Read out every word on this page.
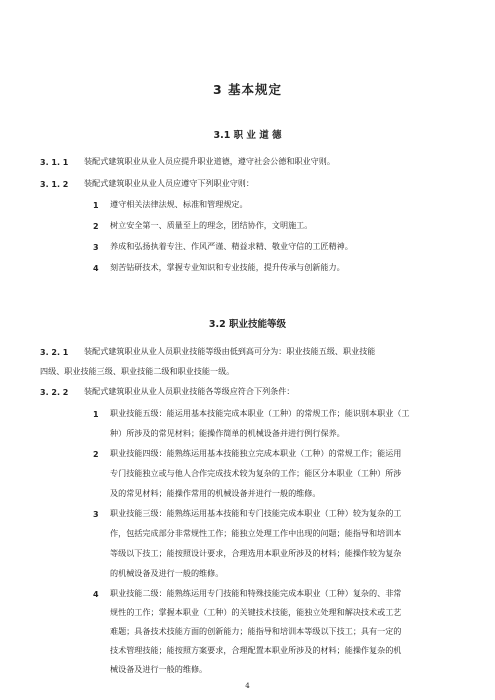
3 基本规定
3.1 职 业 道 德
3. 1. 1 装配式建筑职业从业人员应提升职业道德，遵守社会公德和职业守则。
3. 1. 2 装配式建筑职业从业人员应遵守下列职业守则：
1 遵守相关法律法规、标准和管理规定。
2 树立安全第一、质量至上的理念，团结协作，文明施工。
3 养成和弘扬执着专注、作风严谨、精益求精、敬业守信的工匠精神。
4 刻苦钻研技术，掌握专业知识和专业技能，提升传承与创新能力。
3.2 职业技能等级
3. 2. 1 装配式建筑职业从业人员职业技能等级由低到高可分为：职业技能五级、职业技能
四级、职业技能三级、职业技能二级和职业技能一级。
3. 2. 2 装配式建筑职业从业人员职业技能各等级应符合下列条件：
1 职业技能五级：能运用基本技能完成本职业（工种）的常规工作；能识别本职业（工
种）所涉及的常见材料；能操作简单的机械设备并进行例行保养。
2 职业技能四级：能熟练运用基本技能独立完成本职业（工种）的常规工作；能运用
专门技能独立或与他人合作完成技术较为复杂的工作；能区分本职业（工种）所涉
及的常见材料；能操作常用的机械设备并进行一般的维修。
3 职业技能三级：能熟练运用基本技能和专门技能完成本职业（工种）较为复杂的工
作，包括完成部分非常规性工作；能独立处理工作中出现的问题；能指导和培训本
等级以下技工；能按照设计要求，合理选用本职业所涉及的材料；能操作较为复杂
的机械设备及进行一般的维修。
4 职业技能二级：能熟练运用专门技能和特殊技能完成本职业（工种）复杂的、非常
规性的工作；掌握本职业（工种）的关键技术技能，能独立处理和解决技术或工艺
难题；具备技术技能方面的创新能力；能指导和培训本等级以下技工；具有一定的
技术管理技能；能按照方案要求，合理配置本职业所涉及的材料；能操作复杂的机
械设备及进行一般的维修。
4
